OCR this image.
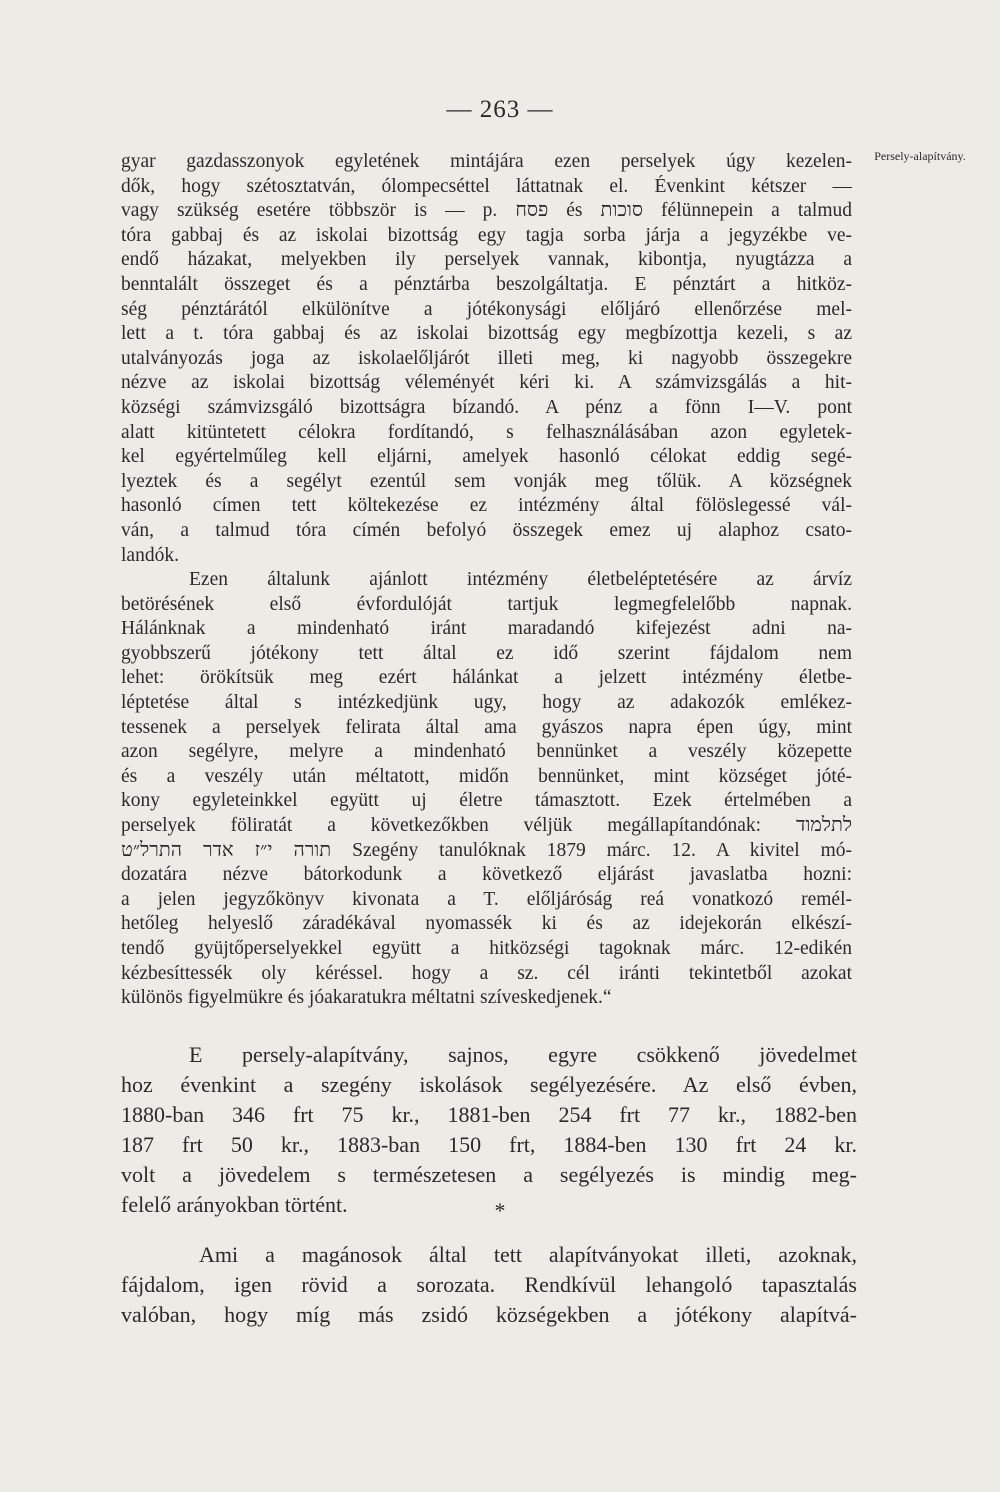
— 263 —
Persely-alapítvány.
gyar gazdasszonyok egyletének mintájára ezen perselyek úgy kezelen-
dők, hogy szétosztatván, ólompecséttel láttatnak el. Évenkint kétszer —
vagy szükség esetére többször is — p. פסח és סוכות félünnepein a talmud
tóra gabbaj és az iskolai bizottság egy tagja sorba járja a jegyzékbe ve-
endő házakat, melyekben ily perselyek vannak, kibontja, nyugtázza a
benntalált összeget és a pénztárba beszolgáltatja. E pénztárt a hitköz-
ség pénztárától elkülönítve a jótékonysági előljáró ellenőrzése mel-
lett a t. tóra gabbaj és az iskolai bizottság egy megbízottja kezeli, s az
utalványozás joga az iskolaelőljárót illeti meg, ki nagyobb összegekre
nézve az iskolai bizottság véleményét kéri ki. A számvizsgálás a hit-
községi számvizsgáló bizottságra bízandó. A pénz a fönn I—V. pont
alatt kitüntetett célokra fordítandó, s felhasználásában azon egyletek-
kel egyértelműleg kell eljárni, amelyek hasonló célokat eddig segé-
lyeztek és a segélyt ezentúl sem vonják meg tőlük. A községnek
hasonló címen tett költekezése ez intézmény által fölöslegessé vál-
ván, a talmud tóra címén befolyó összegek emez uj alaphoz csato-
landók.
Ezen általunk ajánlott intézmény életbeléptetésére az árvíz
betörésének első évfordulóját tartjuk legmegfelelőbb napnak.
Hálánknak a mindenható iránt maradandó kifejezést adni na-
gyobbszerű jótékony tett által ez idő szerint fájdalom nem
lehet: örökítsük meg ezért hálánkat a jelzett intézmény életbe-
léptetése által s intézkedjünk ugy, hogy az adakozók emlékez-
tessenek a perselyek felirata által ama gyászos napra épen úgy, mint
azon segélyre, melyre a mindenható bennünket a veszély közepette
és a veszély után méltatott, midőn bennünket, mint községet jóté-
kony egyleteinkkel együtt uj életre támasztott. Ezek értelmében a
perselyek föliratát a következőkben véljük megállapítandónak: לתלמוד
תורה י״ז אדר התרל״ט Szegény tanulóknak 1879 márc. 12. A kivitel mó-
dozatára nézve bátorkodunk a következő eljárást javaslatba hozni:
a jelen jegyzőkönyv kivonata a T. előljáróság reá vonatkozó remél-
hetőleg helyeslő záradékával nyomassék ki és az idejekorán elkészí-
tendő gyüjtőperselyekkel együtt a hitközségi tagoknak márc. 12-edikén
kézbesíttessék oly kéréssel. hogy a sz. cél iránti tekintetből azokat
különös figyelmükre és jóakaratukra méltatni szíveskedjenek.“
E persely-alapítvány, sajnos, egyre csökkenő jövedelmet
hoz évenkint a szegény iskolások segélyezésére. Az első évben,
1880-ban 346 frt 75 kr., 1881-ben 254 frt 77 kr., 1882-ben
187 frt 50 kr., 1883-ban 150 frt, 1884-ben 130 frt 24 kr.
volt a jövedelem s természetesen a segélyezés is mindig meg-
felelő arányokban történt.	*
Ami a magánosok által tett alapítványokat illeti, azoknak,
fájdalom, igen rövid a sorozata. Rendkívül lehangoló tapasztalás
valóban, hogy míg más zsidó községekben a jótékony alapítvá-
